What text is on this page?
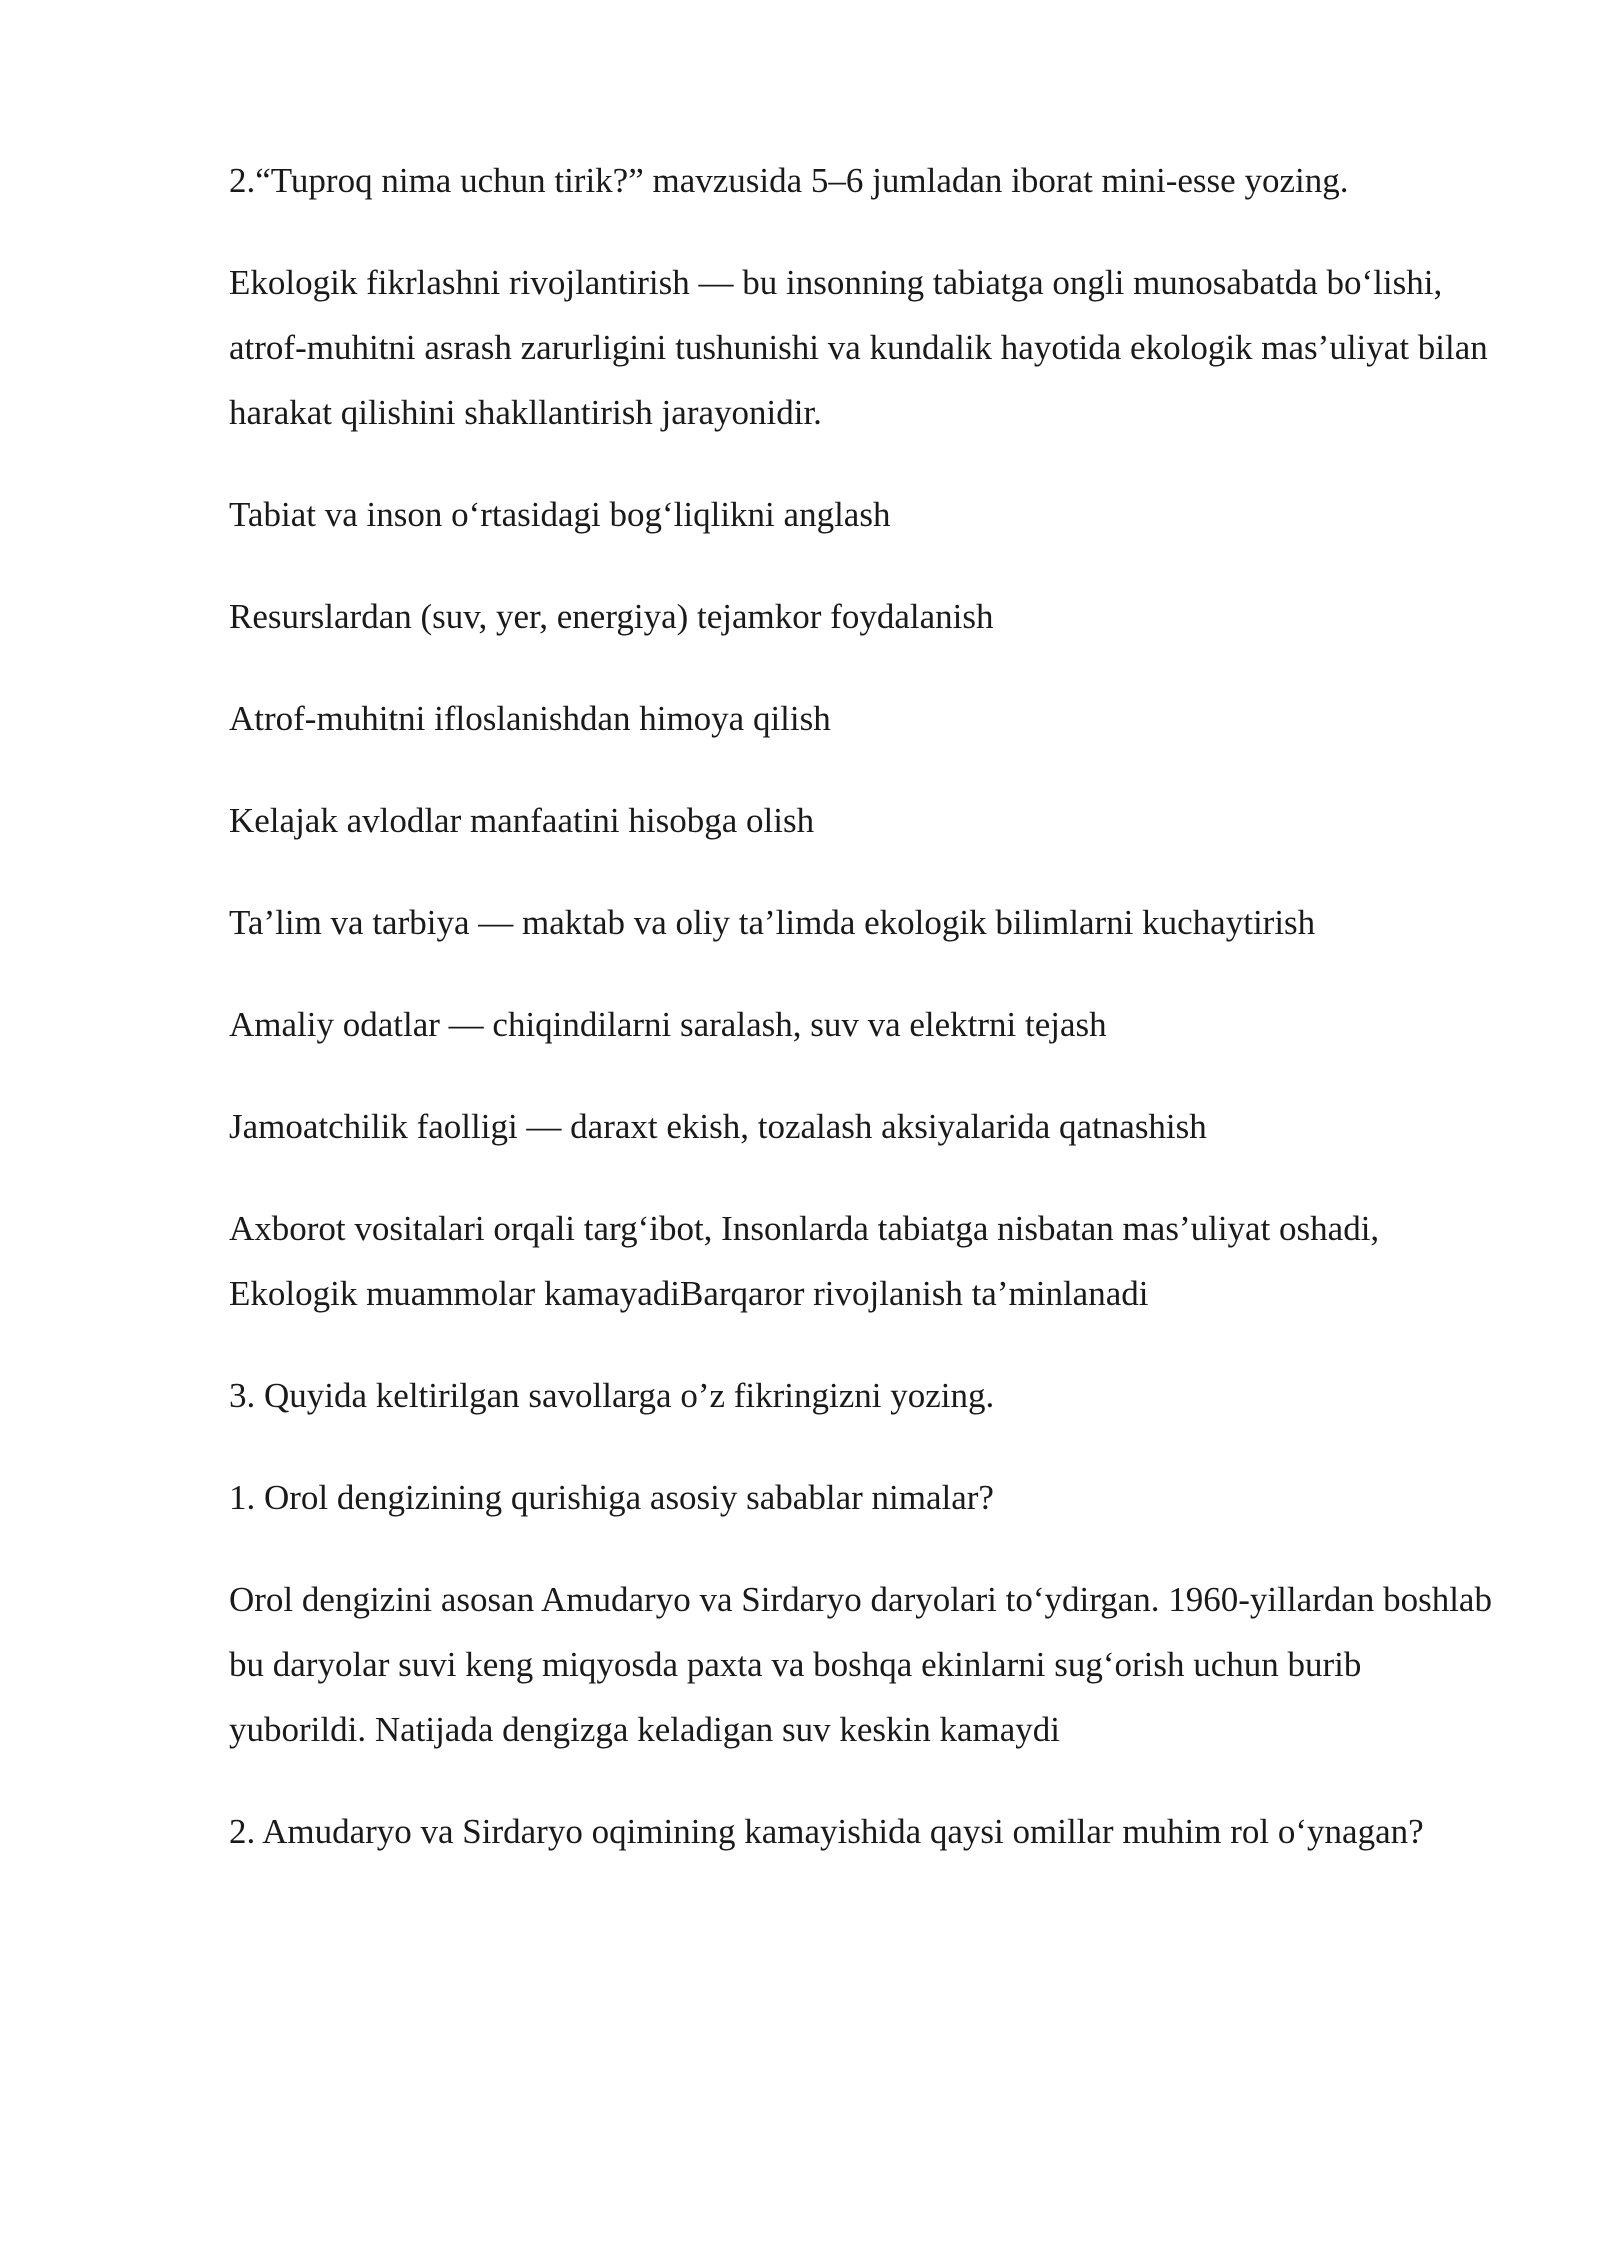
2.“Tuproq nima uchun tirik?” mavzusida 5–6 jumladan iborat mini-esse yozing.

Ekologik fikrlashni rivojlantirish — bu insonning tabiatga ongli munosabatda bo‘lishi, atrof-muhitni asrash zarurligini tushunishi va kundalik hayotida ekologik mas’uliyat bilan harakat qilishini shakllantirish jarayonidir.

Tabiat va inson o‘rtasidagi bog‘liqlikni anglash

Resurslardan (suv, yer, energiya) tejamkor foydalanish

Atrof-muhitni ifloslanishdan himoya qilish

Kelajak avlodlar manfaatini hisobga olish

Ta’lim va tarbiya — maktab va oliy ta’limda ekologik bilimlarni kuchaytirish

Amaliy odatlar — chiqindilarni saralash, suv va elektrni tejash

Jamoatchilik faolligi — daraxt ekish, tozalash aksiyalarida qatnashish

Axborot vositalari orqali targ‘ibot, Insonlarda tabiatga nisbatan mas’uliyat oshadi, Ekologik muammolar kamayadiBarqaror rivojlanish ta’minlanadi

3. Quyida keltirilgan savollarga o’z fikringizni yozing.

1. Orol dengizining qurishiga asosiy sabablar nimalar?

Orol dengizini asosan Amudaryo va Sirdaryo daryolari to‘ydirgan. 1960-yillardan boshlab bu daryolar suvi keng miqyosda paxta va boshqa ekinlarni sug‘orish uchun burib yuborildi. Natijada dengizga keladigan suv keskin kamaydi

2. Amudaryo va Sirdaryo oqimining kamayishida qaysi omillar muhim rol o‘ynagan?
